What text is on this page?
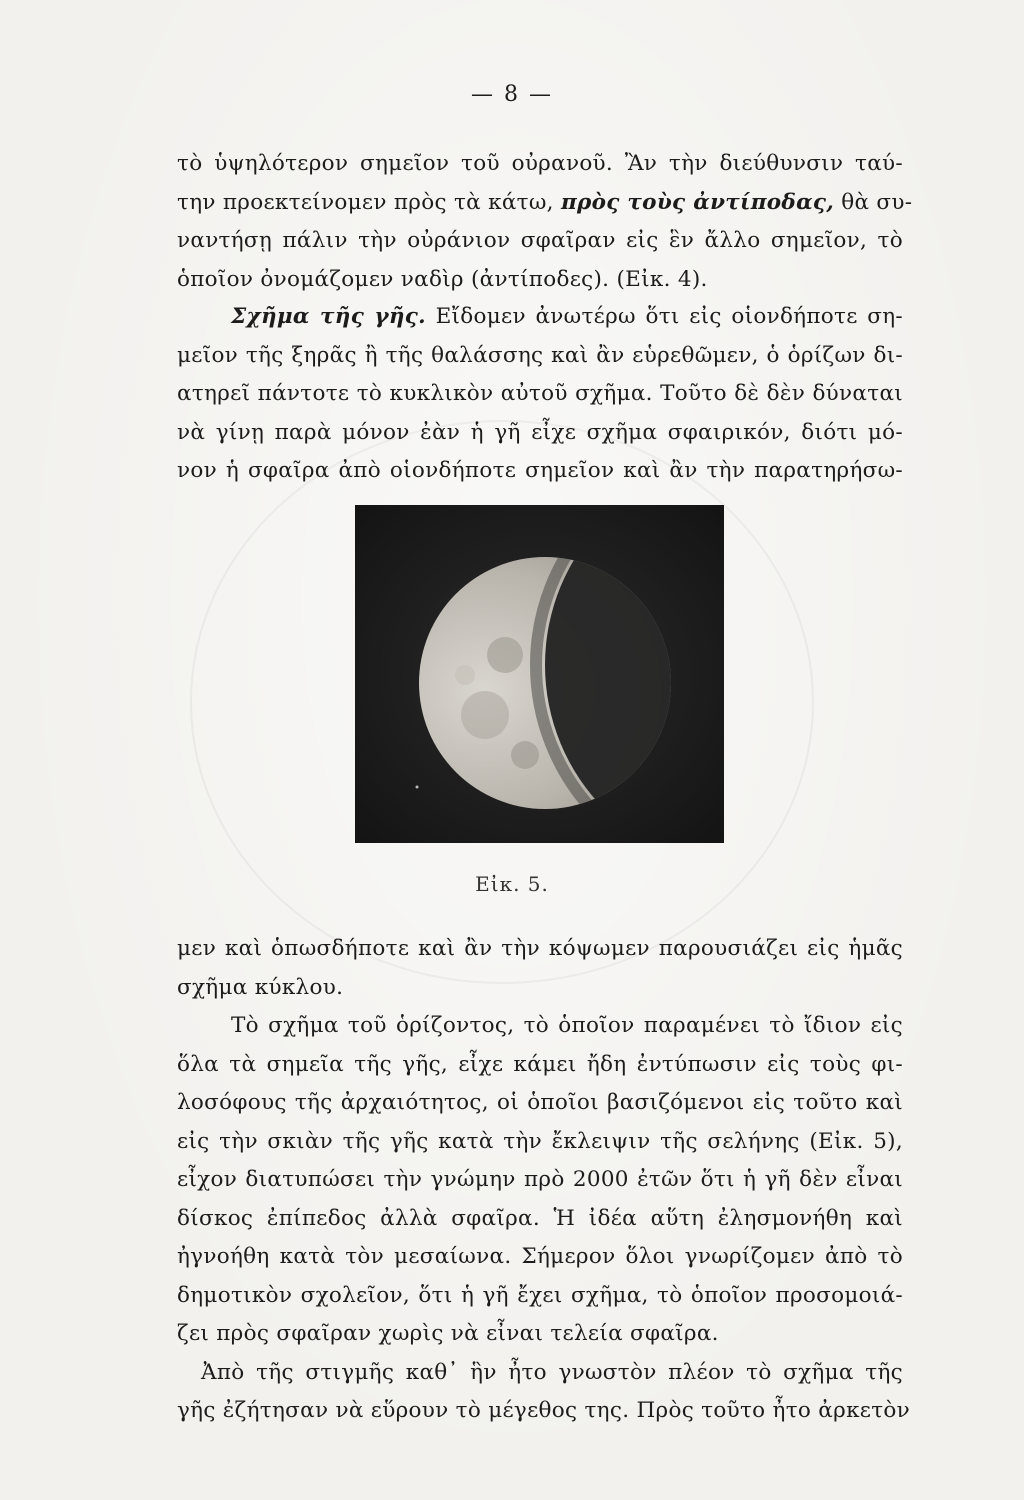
— 8 —
τὸ ὑψηλότερον σημεῖον τοῦ οὐρανοῦ. Ἂν τὴν διεύθυνσιν ταύ-
την προεκτείνομεν πρὸς τὰ κάτω, πρὸς τοὺς ἀντίποδας, θὰ συ-
ναντήσῃ πάλιν τὴν οὐράνιον σφαῖραν εἰς ἓν ἄλλο σημεῖον, τὸ
ὁποῖον ὀνομάζομεν ναδὶρ (ἀντίποδες). (Εἰκ. 4).
Σχῆμα τῆς γῆς. Εἴδομεν ἀνωτέρω ὅτι εἰς οἱονδήποτε ση-
μεῖον τῆς ξηρᾶς ἢ τῆς θαλάσσης καὶ ἂν εὑρεθῶμεν, ὁ ὁρίζων δι-
ατηρεῖ πάντοτε τὸ κυκλικὸν αὐτοῦ σχῆμα. Τοῦτο δὲ δὲν δύναται
νὰ γίνῃ παρὰ μόνον ἐὰν ἡ γῆ εἶχε σχῆμα σφαιρικόν, διότι μό-
νον ἡ σφαῖρα ἀπὸ οἱονδήποτε σημεῖον καὶ ἂν τὴν παρατηρήσω-
Εἰκ. 5.
μεν καὶ ὁπωσδήποτε καὶ ἂν τὴν κόψωμεν παρουσιάζει εἰς ἡμᾶς
σχῆμα κύκλου.
Τὸ σχῆμα τοῦ ὁρίζοντος, τὸ ὁποῖον παραμένει τὸ ἴδιον εἰς
ὅλα τὰ σημεῖα τῆς γῆς, εἶχε κάμει ἤδη ἐντύπωσιν εἰς τοὺς φι-
λοσόφους τῆς ἀρχαιότητος, οἱ ὁποῖοι βασιζόμενοι εἰς τοῦτο καὶ
εἰς τὴν σκιὰν τῆς γῆς κατὰ τὴν ἔκλειψιν τῆς σελήνης (Εἰκ. 5),
εἶχον διατυπώσει τὴν γνώμην πρὸ 2000 ἐτῶν ὅτι ἡ γῆ δὲν εἶναι
δίσκος ἐπίπεδος ἀλλὰ σφαῖρα. Ἡ ἰδέα αὕτη ἐλησμονήθη καὶ
ἠγνοήθη κατὰ τὸν μεσαίωνα. Σήμερον ὅλοι γνωρίζομεν ἀπὸ τὸ
δημοτικὸν σχολεῖον, ὅτι ἡ γῆ ἔχει σχῆμα, τὸ ὁποῖον προσομοιά-
ζει πρὸς σφαῖραν χωρὶς νὰ εἶναι τελεία σφαῖρα.
Ἀπὸ τῆς στιγμῆς καθ᾽ ἣν ἦτο γνωστὸν πλέον τὸ σχῆμα τῆς
γῆς ἐζήτησαν νὰ εὕρουν τὸ μέγεθος της. Πρὸς τοῦτο ἦτο ἀρκετὸν
